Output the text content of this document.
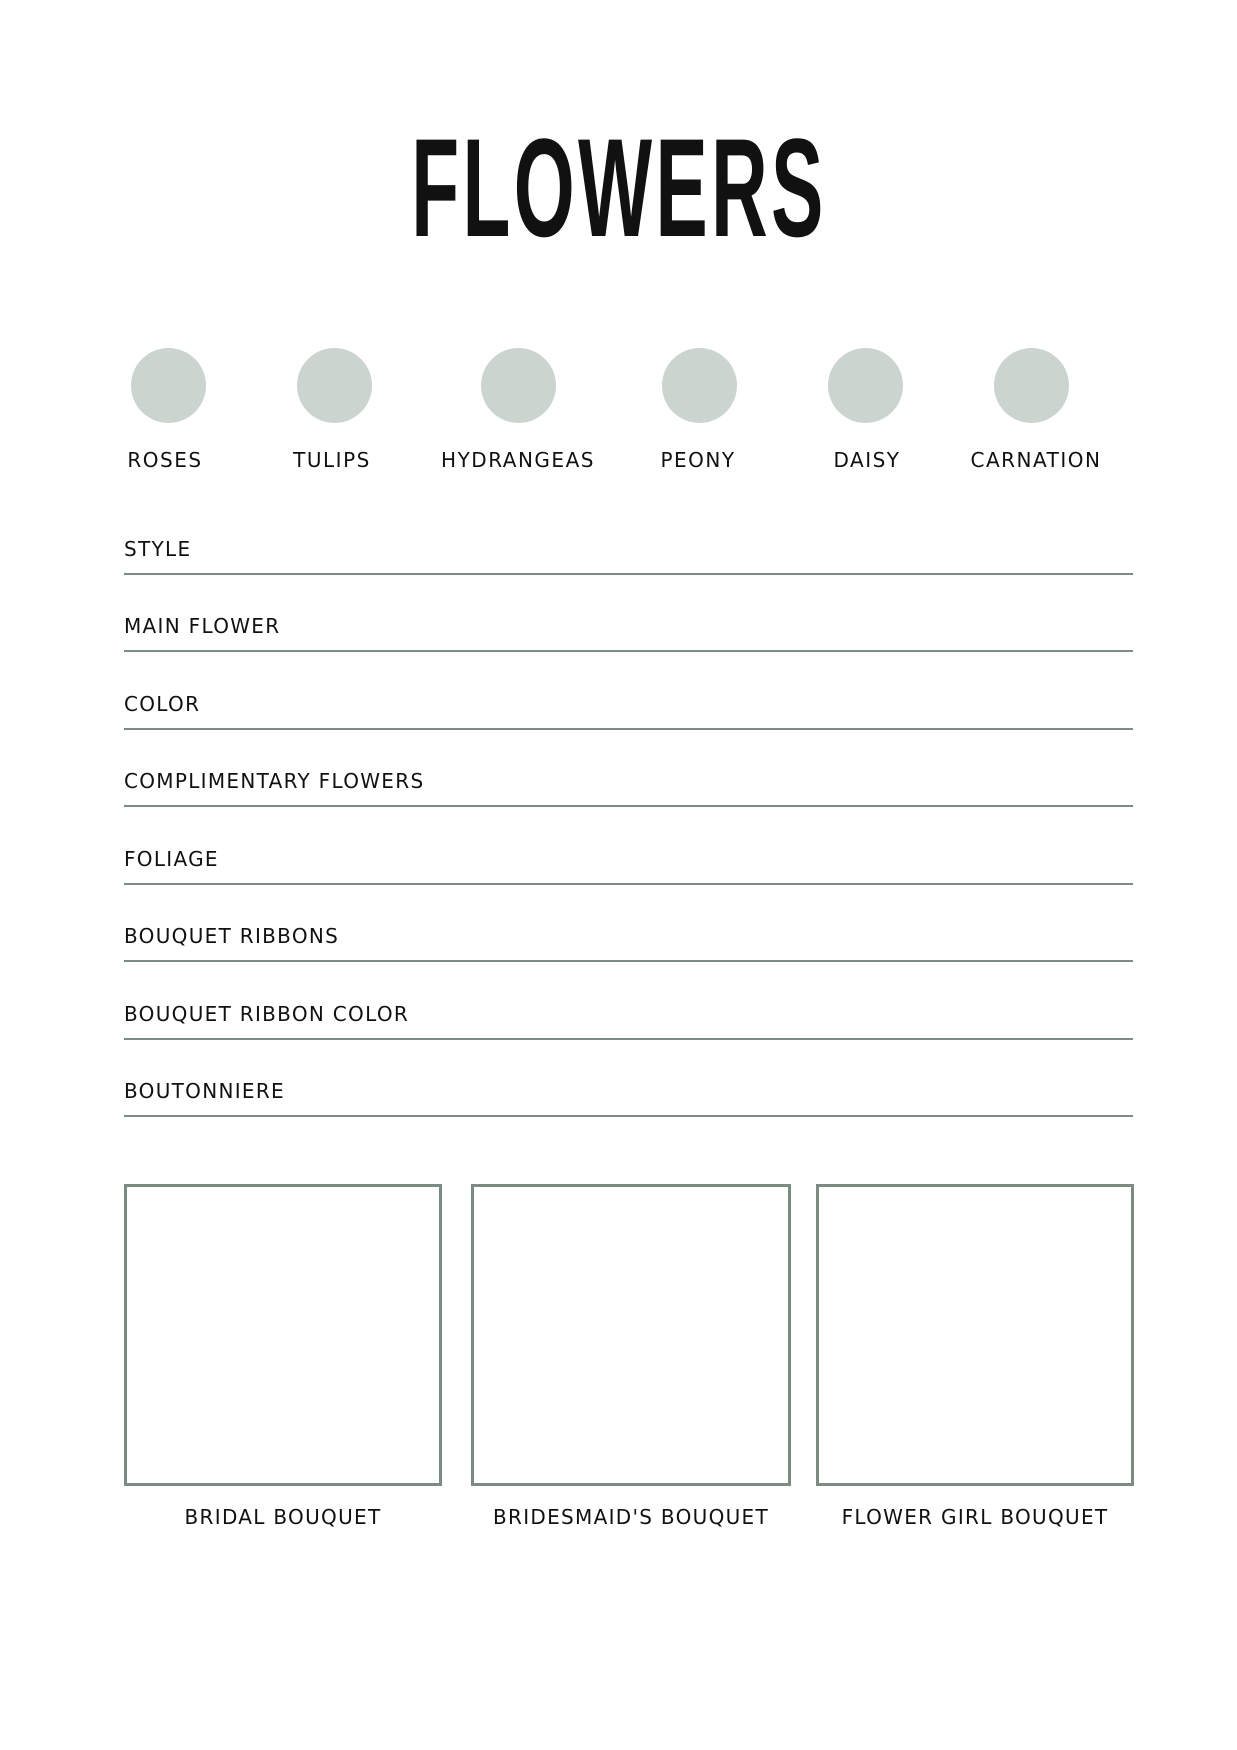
FLOWERS
ROSES	TULIPS	HYDRANGEAS	PEONY	DAISY	CARNATION
STYLE
MAIN FLOWER
COLOR
COMPLIMENTARY FLOWERS
FOLIAGE
BOUQUET RIBBONS
BOUQUET RIBBON COLOR
BOUTONNIERE
BRIDAL BOUQUET	BRIDESMAID'S BOUQUET	FLOWER GIRL BOUQUET
